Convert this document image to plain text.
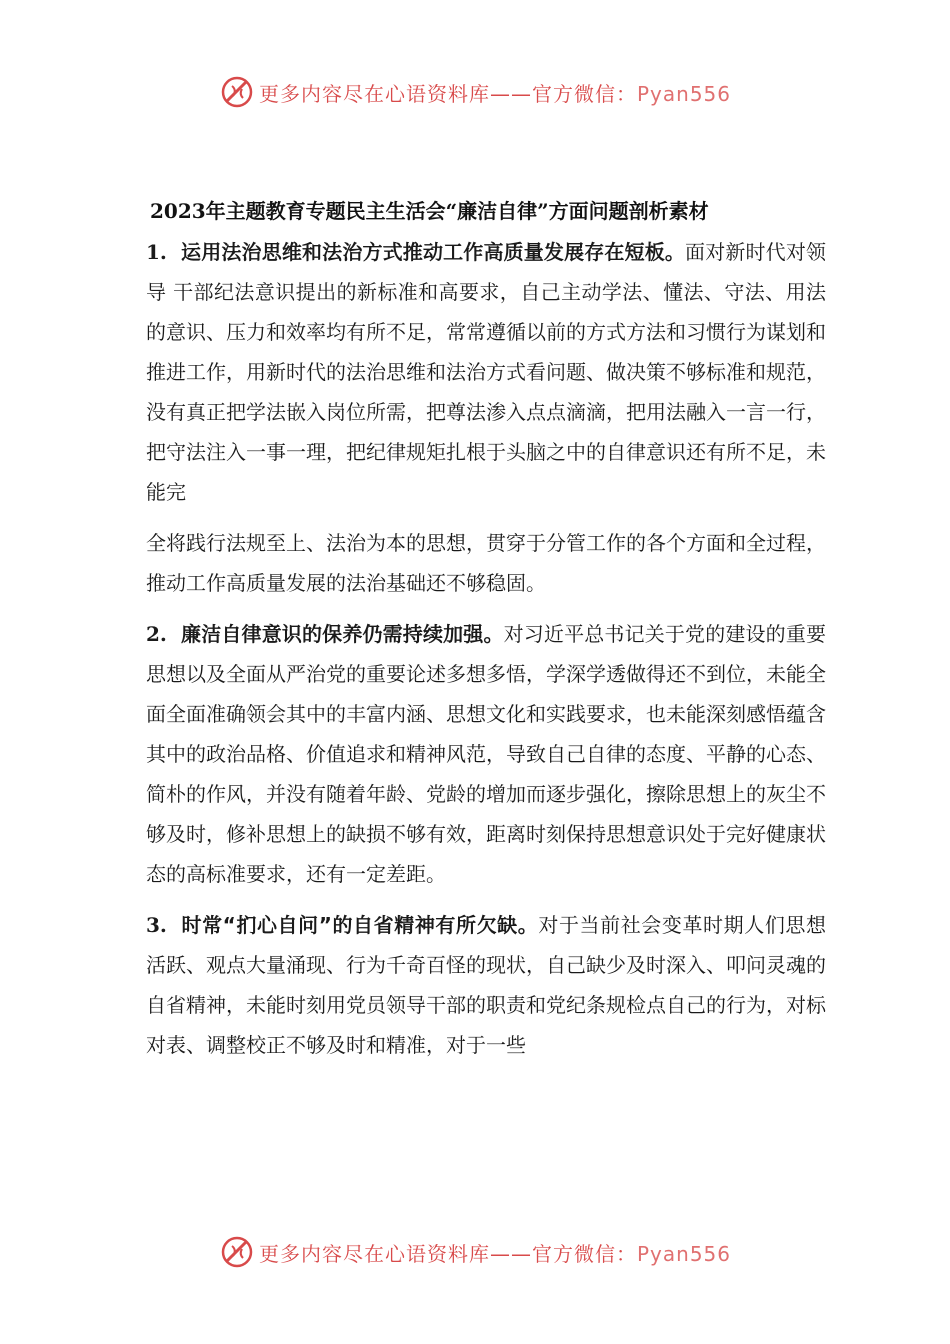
更多内容尽在心语资料库——官方微信：Pyan556
2023年主题教育专题民主生活会“廉洁自律”方面问题剖析素材

1. 运用法治思维和法治方式推动工作高质量发展存在短板。面对新时代对领导 干部纪法意识提出的新标准和高要求，自己主动学法、懂法、守法、用法的意识、压力和效率均有所不足，常常遵循以前的方式方法和习惯行为谋划和推进工作，用新时代的法治思维和法治方式看问题、做决策不够标准和规范，没有真正把学法嵌入岗位所需，把尊法渗入点点滴滴，把用法融入一言一行，把守法注入一事一理，把纪律规矩扎根于头脑之中的自律意识还有所不足，未能完

全将践行法规至上、法治为本的思想，贯穿于分管工作的各个方面和全过程， 推动工作高质量发展的法治基础还不够稳固。

2. 廉洁自律意识的保养仍需持续加强。对习近平总书记关于党的建设的重要思想以及全面从严治党的重要论述多想多悟，学深学透做得还不到位，未能全面全面准确领会其中的丰富内涵、思想文化和实践要求，也未能深刻感悟蕴含其中的政治品格、价值追求和精神风范，导致自己自律的态度、平静的心态、简朴的作风，并没有随着年龄、党龄的增加而逐步强化，擦除思想上的灰尘不够及时，修补思想上的缺损不够有效，距离时刻保持思想意识处于完好健康状态的高标准要求，还有一定差距。

3. 时常“扪心自问”的自省精神有所欠缺。对于当前社会变革时期人们思想活跃、观点大量涌现、行为千奇百怪的现状，自己缺少及时深入、叩问灵魂的自省精神，未能时刻用党员领导干部的职责和党纪条规检点自己的行为，对标对表、调整校正不够及时和精准，对于一些

更多内容尽在心语资料库——官方微信：Pyan556
